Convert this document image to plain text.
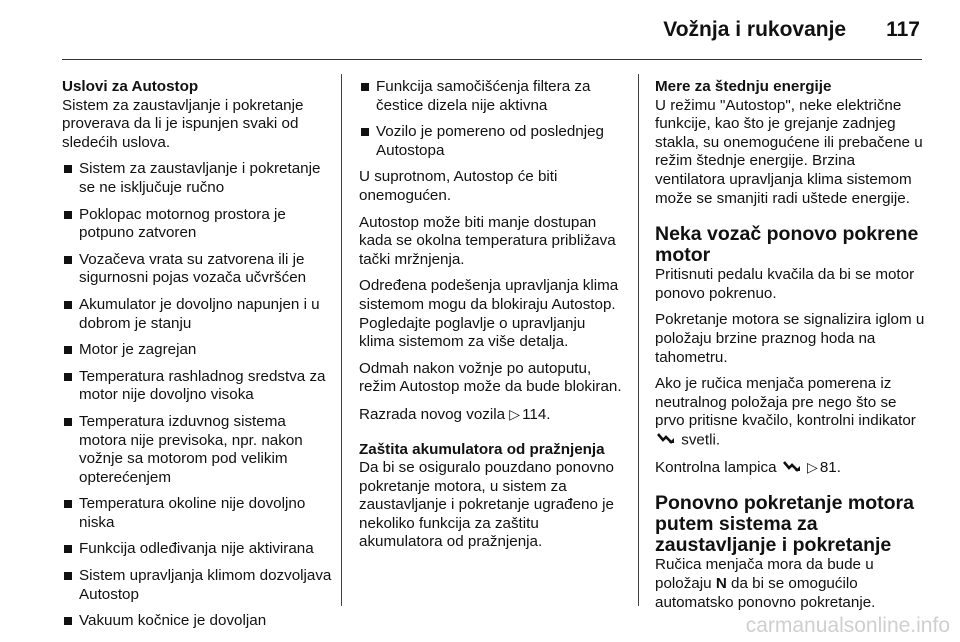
Vožnja i rukovanje 117
Uslovi za Autostop

Sistem za zaustavljanje i pokretanje proverava da li je ispunjen svaki od sledećih uslova.

Sistem za zaustavljanje i pokretanje se ne isključuje ručno
Poklopac motornog prostora je potpuno zatvoren
Vozačeva vrata su zatvorena ili je sigurnosni pojas vozača učvršćen
Akumulator je dovoljno napunjen i u dobrom je stanju
Motor je zagrejan
Temperatura rashladnog sredstva za motor nije dovoljno visoka
Temperatura izduvnog sistema motora nije previsoka, npr. nakon vožnje sa motorom pod velikim opterećenjem
Temperatura okoline nije dovoljno niska
Funkcija odleđivanja nije aktivirana
Sistem upravljanja klimom dozvoljava Autostop
Vakuum kočnice je dovoljan
Funkcija samočišćenja filtera za čestice dizela nije aktivna
Vozilo je pomereno od poslednjeg Autostopa

U suprotnom, Autostop će biti onemogućen.

Autostop može biti manje dostupan kada se okolna temperatura približava tački mržnjenja.

Određena podešenja upravljanja klima sistemom mogu da blokiraju Autostop. Pogledajte poglavlje o upravljanju klima sistemom za više detalja.

Odmah nakon vožnje po autoputu, režim Autostop može da bude blokiran.

Razrada novog vozila ▷ 114.

Zaštita akumulatora od pražnjenja

Da bi se osiguralo pouzdano ponovno pokretanje motora, u sistem za zaustavljanje i pokretanje ugrađeno je nekoliko funkcija za zaštitu akumulatora od pražnjenja.

Mere za štednju energije

U režimu "Autostop", neke električne funkcije, kao što je grejanje zadnjeg stakla, su onemogućene ili prebačene u režim štednje energije. Brzina ventilatora upravljanja klima sistemom može se smanjiti radi uštede energije.

Neka vozač ponovo pokrene motor

Pritisnuti pedalu kvačila da bi se motor ponovo pokrenuo.

Pokretanje motora se signalizira iglom u položaju brzine praznog hoda na tahometru.

Ako je ručica menjača pomerena iz neutralnog položaja pre nego što se prvo pritisne kvačilo, kontrolni indikator  svetli.

Kontrolna lampica ▷ 81.

Ponovno pokretanje motora putem sistema za zaustavljanje i pokretanje

Ručica menjača mora da bude u položaju N da bi se omogućilo automatsko ponovno pokretanje.

carmanualsonline.info
